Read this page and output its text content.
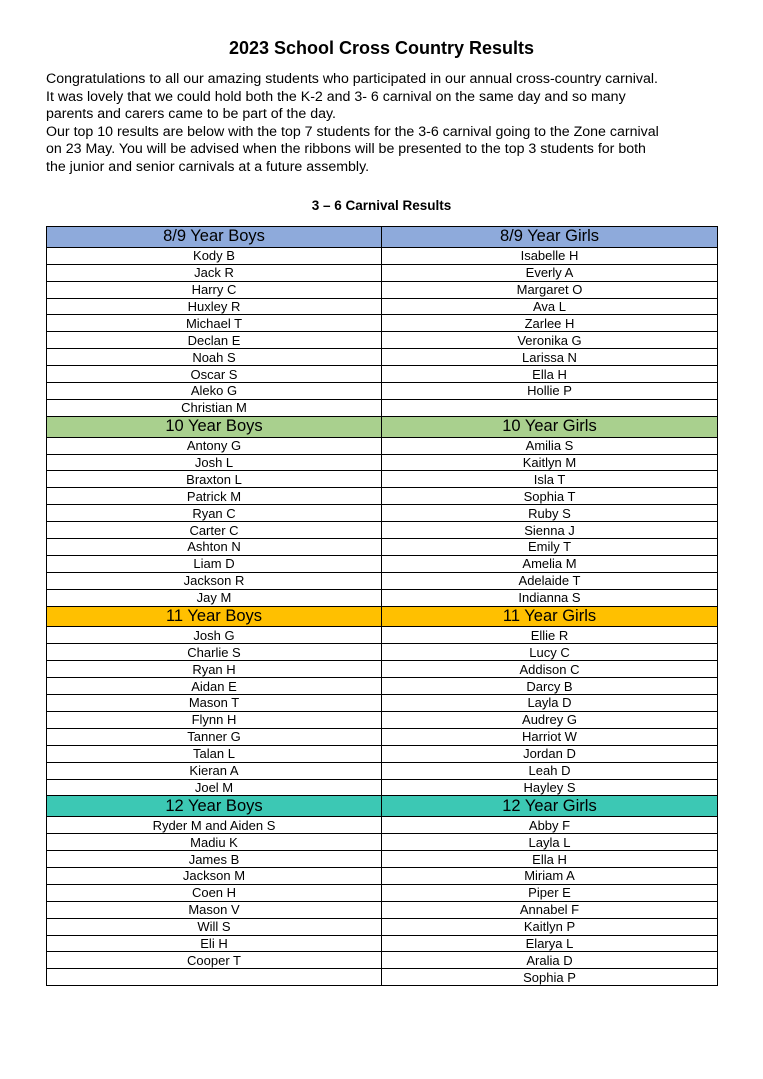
2023 School Cross Country Results

Congratulations to all our amazing students who participated in our annual cross-country carnival.

It was lovely that we could hold both the K-2 and 3- 6 carnival on the same day and so many

parents and carers came to be part of the day.

Our top 10 results are below with the top 7 students for the 3-6 carnival going to the Zone carnival

on 23 May. You will be advised when the ribbons will be presented to the top 3 students for both

the junior and senior carnivals at a future assembly.

3 – 6 Carnival Results
8/9 Year Boys	8/9 Year Girls
Kody B	Isabelle H
Jack R	Everly A
Harry C	Margaret O
Huxley R	Ava L
Michael T	Zarlee H
Declan E	Veronika G
Noah S	Larissa N
Oscar S	Ella H
Aleko G	Hollie P
Christian M	
10 Year Boys	10 Year Girls
Antony G	Amilia S
Josh L	Kaitlyn M
Braxton L	Isla T
Patrick M	Sophia T
Ryan C	Ruby S
Carter C	Sienna J
Ashton N	Emily T
Liam D	Amelia M
Jackson R	Adelaide T
Jay M	Indianna S
11 Year Boys	11 Year Girls
Josh G	Ellie R
Charlie S	Lucy C
Ryan H	Addison C
Aidan E	Darcy B
Mason T	Layla D
Flynn H	Audrey G
Tanner G	Harriot W
Talan L	Jordan D
Kieran A	Leah D
Joel M	Hayley S
12 Year Boys	12 Year Girls
Ryder M and Aiden S	Abby F
Madiu K	Layla L
James B	Ella H
Jackson M	Miriam A
Coen H	Piper E
Mason V	Annabel F
Will S	Kaitlyn P
Eli H	Elarya L
Cooper T	Aralia D
	Sophia P
